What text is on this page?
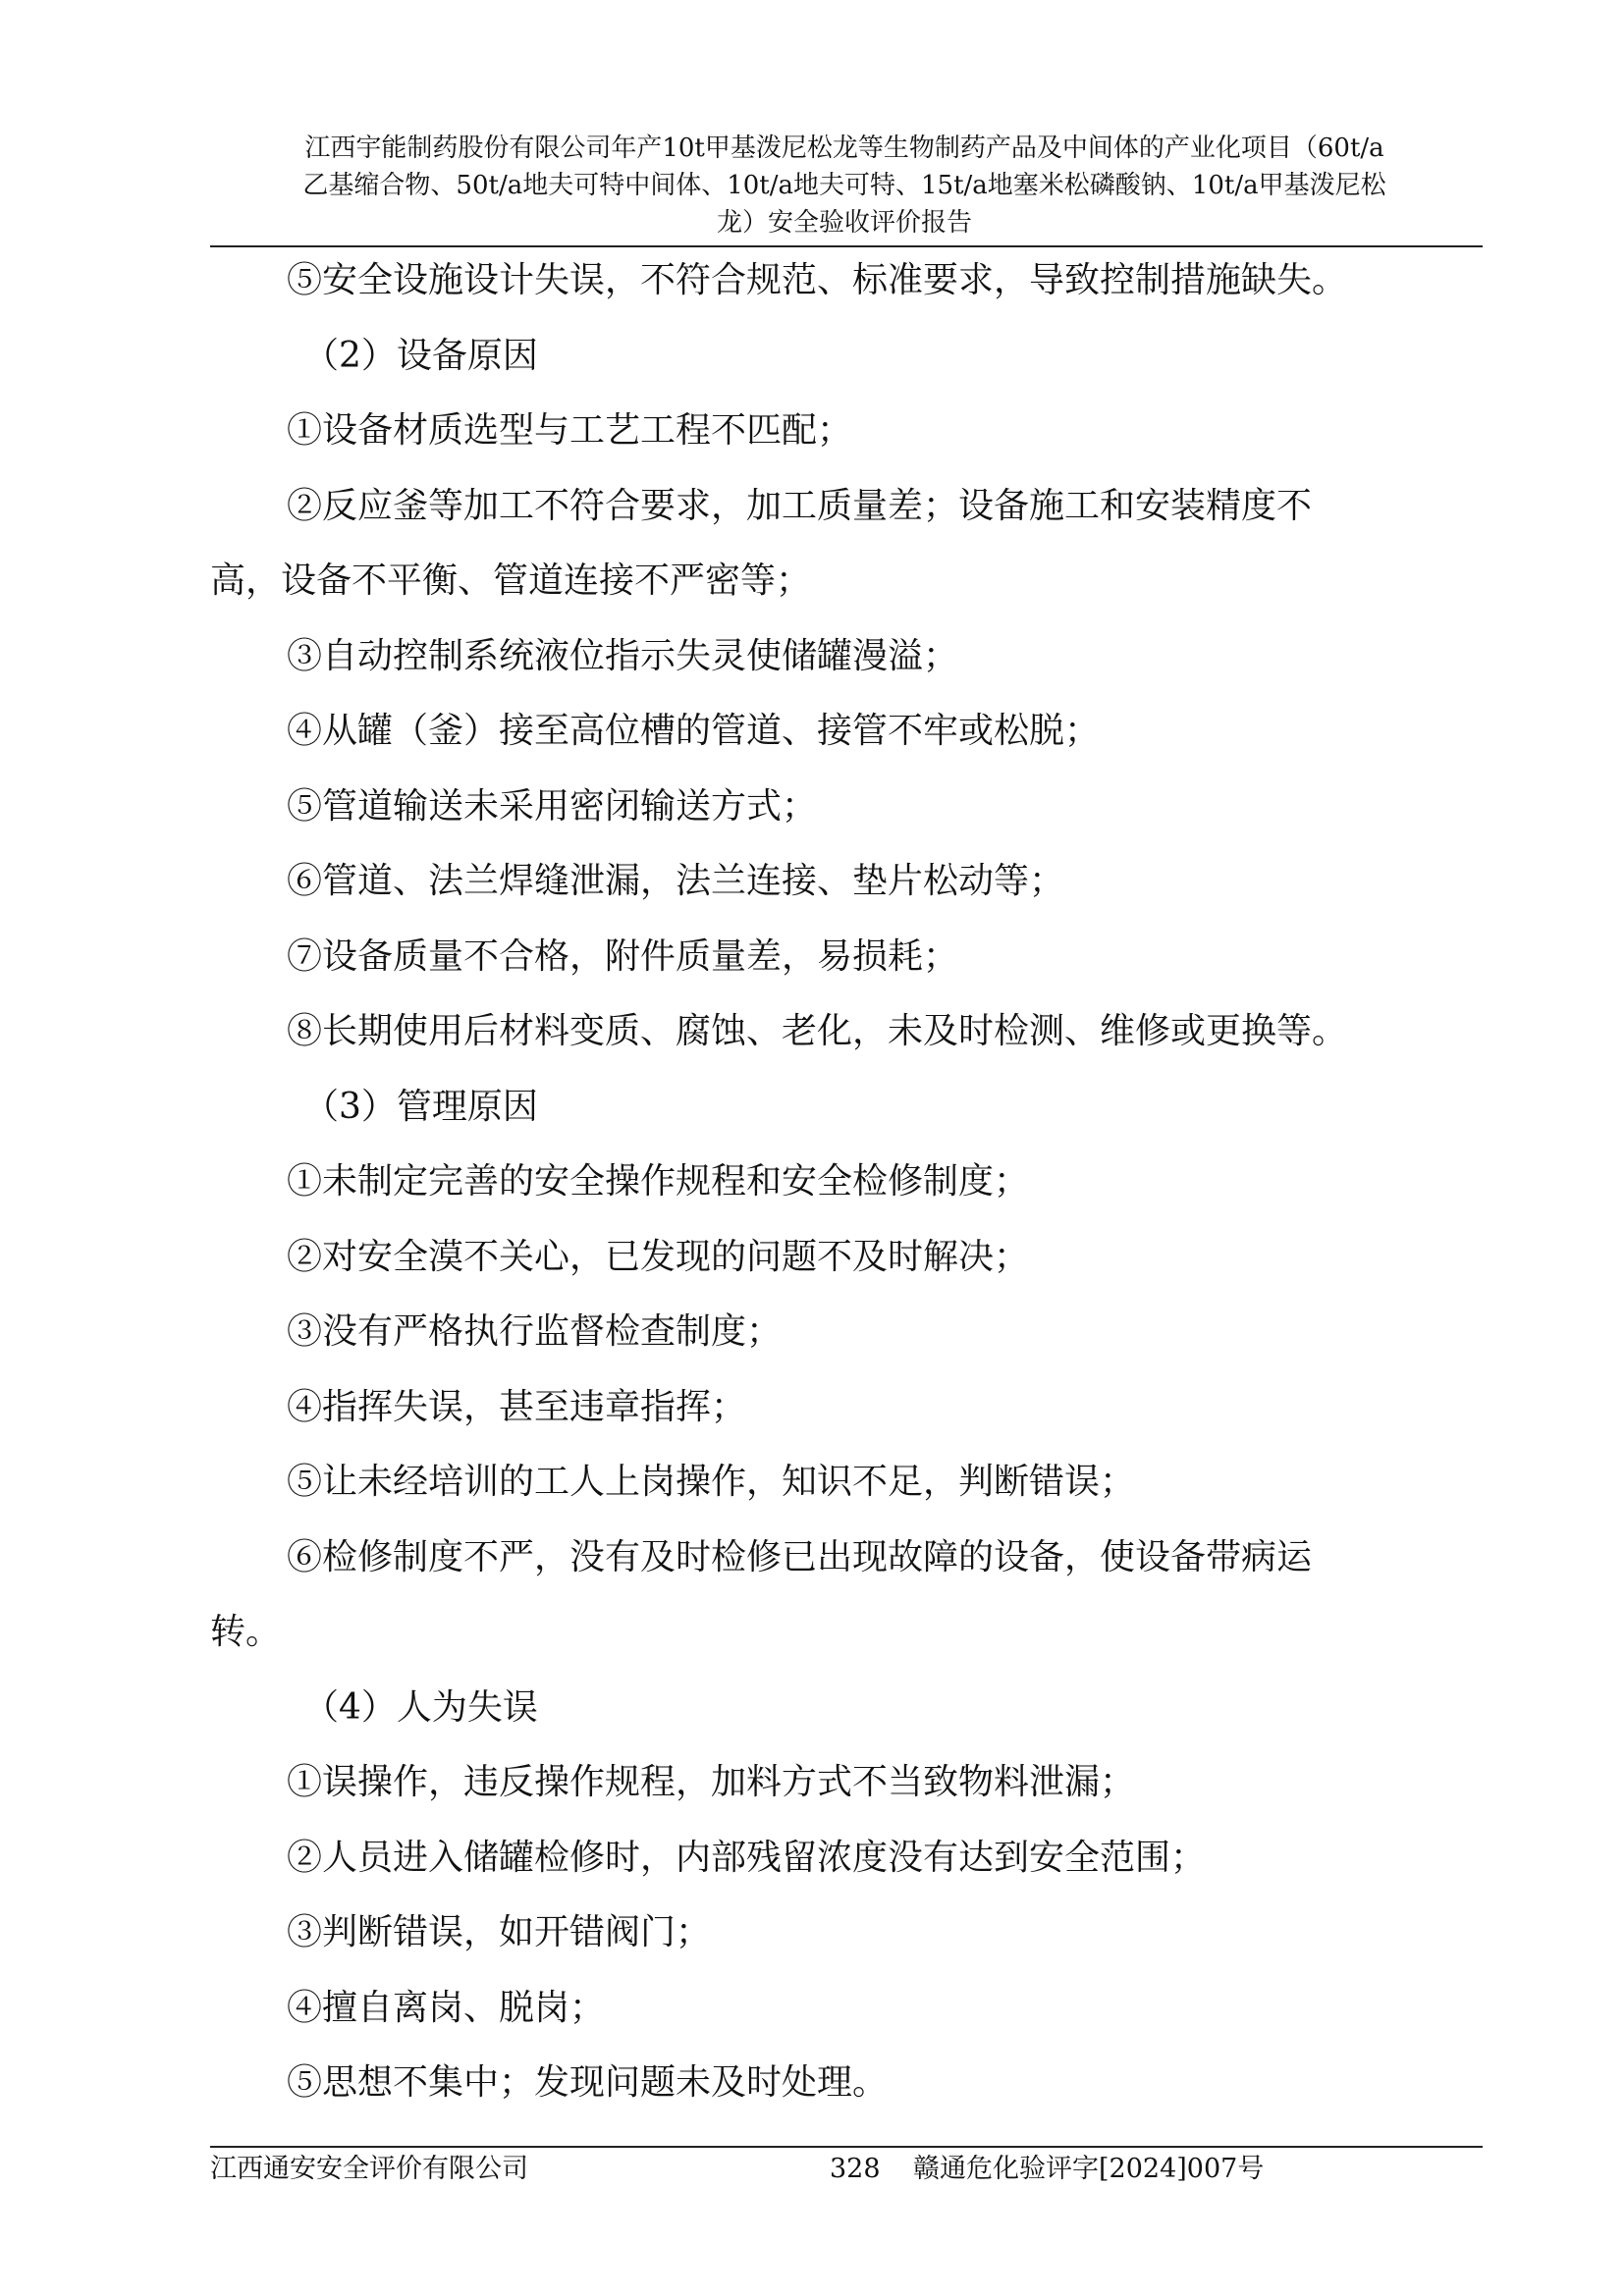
江西宇能制药股份有限公司年产10t甲基泼尼松龙等生物制药产品及中间体的产业化项目（60t/a
乙基缩合物、50t/a地夫可特中间体、10t/a地夫可特、15t/a地塞米松磷酸钠、10t/a甲基泼尼松
龙）安全验收评价报告
⑤安全设施设计失误，不符合规范、标准要求，导致控制措施缺失。
（2）设备原因
①设备材质选型与工艺工程不匹配；
②反应釜等加工不符合要求，加工质量差；设备施工和安装精度不
高，设备不平衡、管道连接不严密等；
③自动控制系统液位指示失灵使储罐漫溢；
④从罐（釜）接至高位槽的管道、接管不牢或松脱；
⑤管道输送未采用密闭输送方式；
⑥管道、法兰焊缝泄漏，法兰连接、垫片松动等；
⑦设备质量不合格，附件质量差，易损耗；
⑧长期使用后材料变质、腐蚀、老化，未及时检测、维修或更换等。
（3）管理原因
①未制定完善的安全操作规程和安全检修制度；
②对安全漠不关心，已发现的问题不及时解决；
③没有严格执行监督检查制度；
④指挥失误，甚至违章指挥；
⑤让未经培训的工人上岗操作，知识不足，判断错误；
⑥检修制度不严，没有及时检修已出现故障的设备，使设备带病运
转。
（4）人为失误
①误操作，违反操作规程，加料方式不当致物料泄漏；
②人员进入储罐检修时，内部残留浓度没有达到安全范围；
③判断错误，如开错阀门；
④擅自离岗、脱岗；
⑤思想不集中；发现问题未及时处理。
江西通安安全评价有限公司	328 赣通危化验评字[2024]007号
